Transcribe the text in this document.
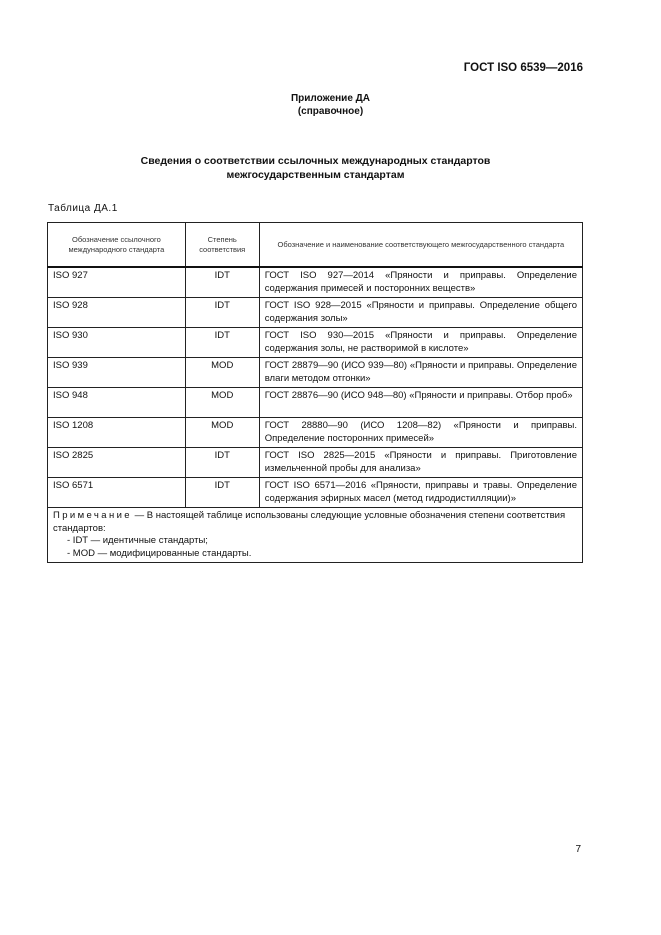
ГОСТ ISO 6539—2016
Приложение ДА
(справочное)
Сведения о соответствии ссылочных международных стандартов
межгосударственным стандартам
Таблица ДА.1
Обозначение ссылочного международного стандарта	Степень соответствия	Обозначение и наименование соответствующего межгосударственного стандарта
ISO 927	IDT	ГОСТ ISO 927—2014 «Пряности и приправы. Определение содержания примесей и посторонних веществ»
ISO 928	IDT	ГОСТ ISO 928—2015 «Пряности и приправы. Определение общего содержания золы»
ISO 930	IDT	ГОСТ ISO 930—2015 «Пряности и приправы. Определение содержания золы, не растворимой в кислоте»
ISO 939	MOD	ГОСТ 28879—90 (ИСО 939—80) «Пряности и приправы. Определение влаги методом отгонки»
ISO 948	MOD	ГОСТ 28876—90 (ИСО 948—80) «Пряности и приправы. Отбор проб»
ISO 1208	MOD	ГОСТ 28880—90 (ИСО 1208—82) «Пряности и приправы. Определение посторонних примесей»
ISO 2825	IDT	ГОСТ ISO 2825—2015 «Пряности и приправы. Приготовление измельченной пробы для анализа»
ISO 6571	IDT	ГОСТ ISO 6571—2016 «Пряности, приправы и травы. Определение содержания эфирных масел (метод гидродистилляции)»
Примечание — В настоящей таблице использованы следующие условные обозначения степени соответствия стандартов:
- IDT — идентичные стандарты;
- MOD — модифицированные стандарты.		
7
